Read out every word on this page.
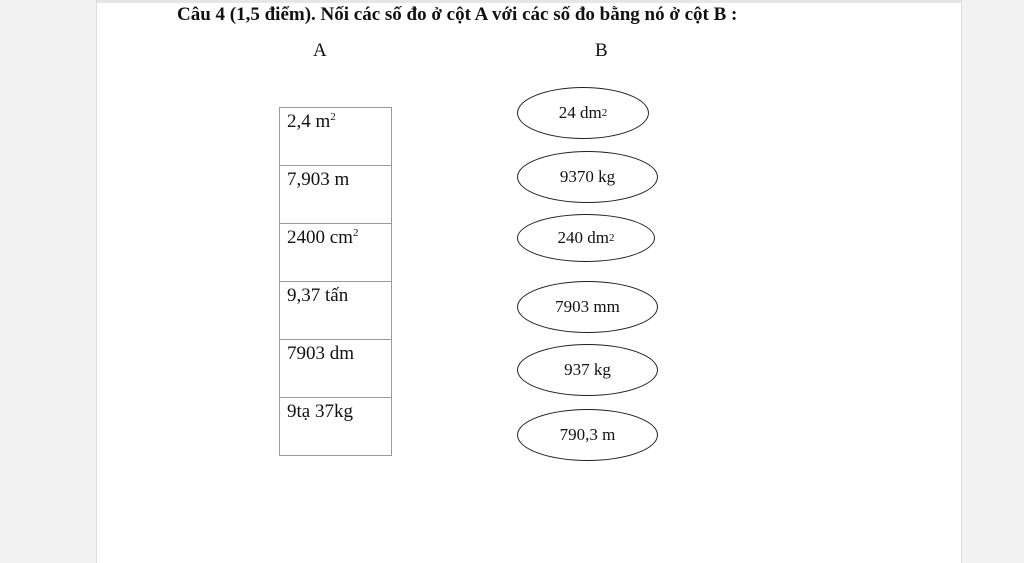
Câu 4 (1,5 điểm). Nối các số đo ở cột A với các số đo bằng nó ở cột B :
A	B
2,4 $m^2$
7,903 m
2400 $cm^2$
9,37 tấn
7903 dm
9tạ 37kg
24 dm 2
9370 kg
240 dm 2
7903 mm
937 kg
790,3 m
